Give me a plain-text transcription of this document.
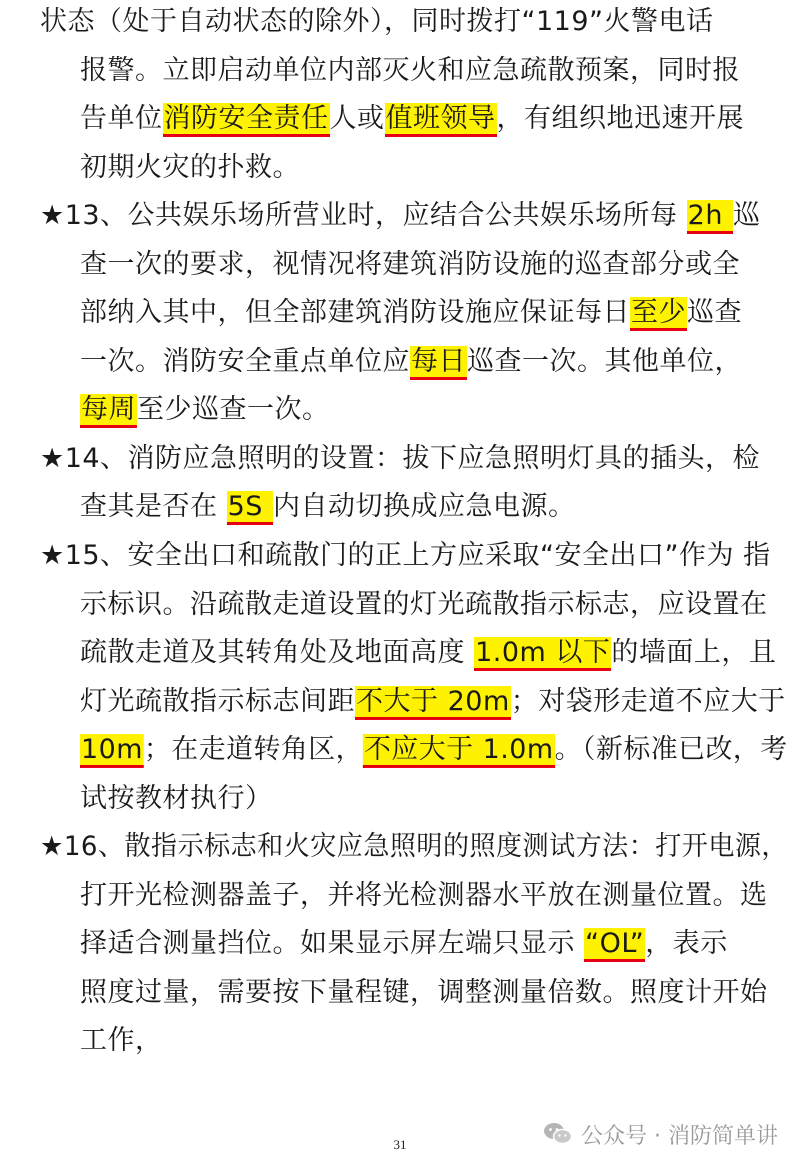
状态（处于自动状态的除外），同时拨打“119”火警电话
报警。立即启动单位内部灭火和应急疏散预案，同时报
告单位消防安全责任人或值班领导，有组织地迅速开展
初期火灾的扑救。
★13、公共娱乐场所营业时，应结合公共娱乐场所每 2h 巡
查一次的要求，视情况将建筑消防设施的巡查部分或全
部纳入其中，但全部建筑消防设施应保证每日至少巡查
一次。消防安全重点单位应每日巡查一次。其他单位，
每周至少巡查一次。
★14、消防应急照明的设置：拔下应急照明灯具的插头，检
查其是否在 5S 内自动切换成应急电源。
★15、安全出口和疏散门的正上方应采取“安全出口”作为 指
示标识。沿疏散走道设置的灯光疏散指示标志，应设置在
疏散走道及其转角处及地面高度 1.0m 以下的墙面上，且
灯光疏散指示标志间距不大于 20m；对袋形走道不应大于
10m；在走道转角区，不应大于 1.0m。（新标准已改，考
试按教材执行）
★16、散指示标志和火灾应急照明的照度测试方法：打开电源，
打开光检测器盖子，并将光检测器水平放在测量位置。选
择适合测量挡位。如果显示屏左端只显示 “OL”，表示
照度过量，需要按下量程键，调整测量倍数。照度计开始
工作，
31	公众号 · 消防简单讲
